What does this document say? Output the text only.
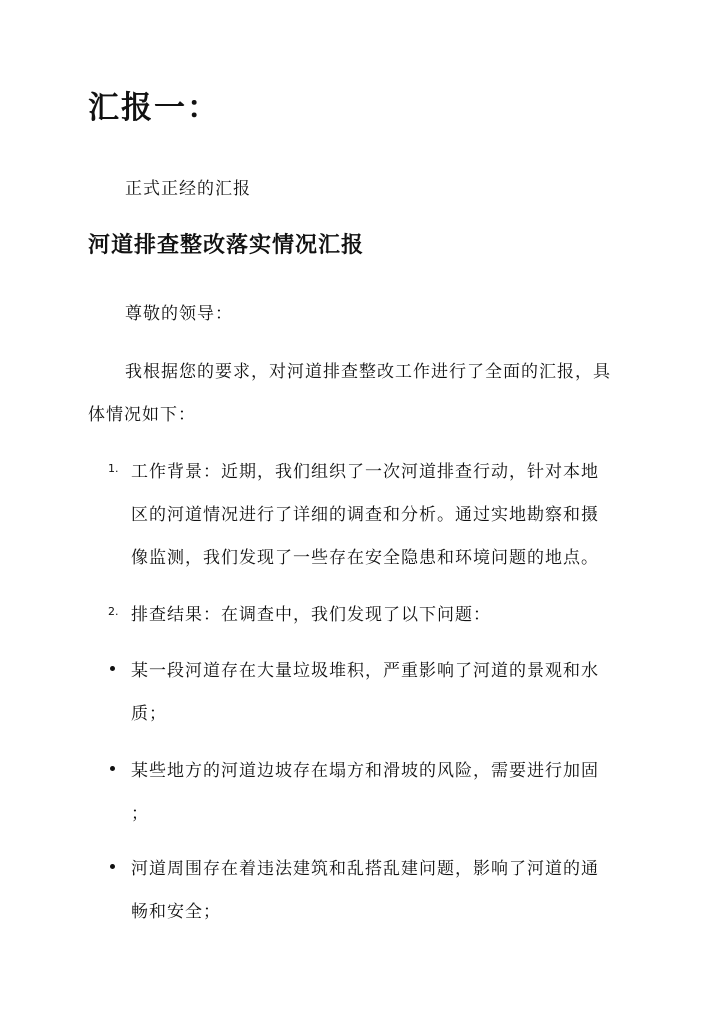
汇报一：
正式正经的汇报
河道排查整改落实情况汇报
尊敬的领导：
我根据您的要求，对河道排查整改工作进行了全面的汇报，具
体情况如下：
1. 工作背景：近期，我们组织了一次河道排查行动，针对本地
区的河道情况进行了详细的调查和分析。通过实地勘察和摄
像监测，我们发现了一些存在安全隐患和环境问题的地点。
2. 排查结果：在调查中，我们发现了以下问题：
某一段河道存在大量垃圾堆积，严重影响了河道的景观和水
质；
某些地方的河道边坡存在塌方和滑坡的风险，需要进行加固
；
河道周围存在着违法建筑和乱搭乱建问题，影响了河道的通
畅和安全；
